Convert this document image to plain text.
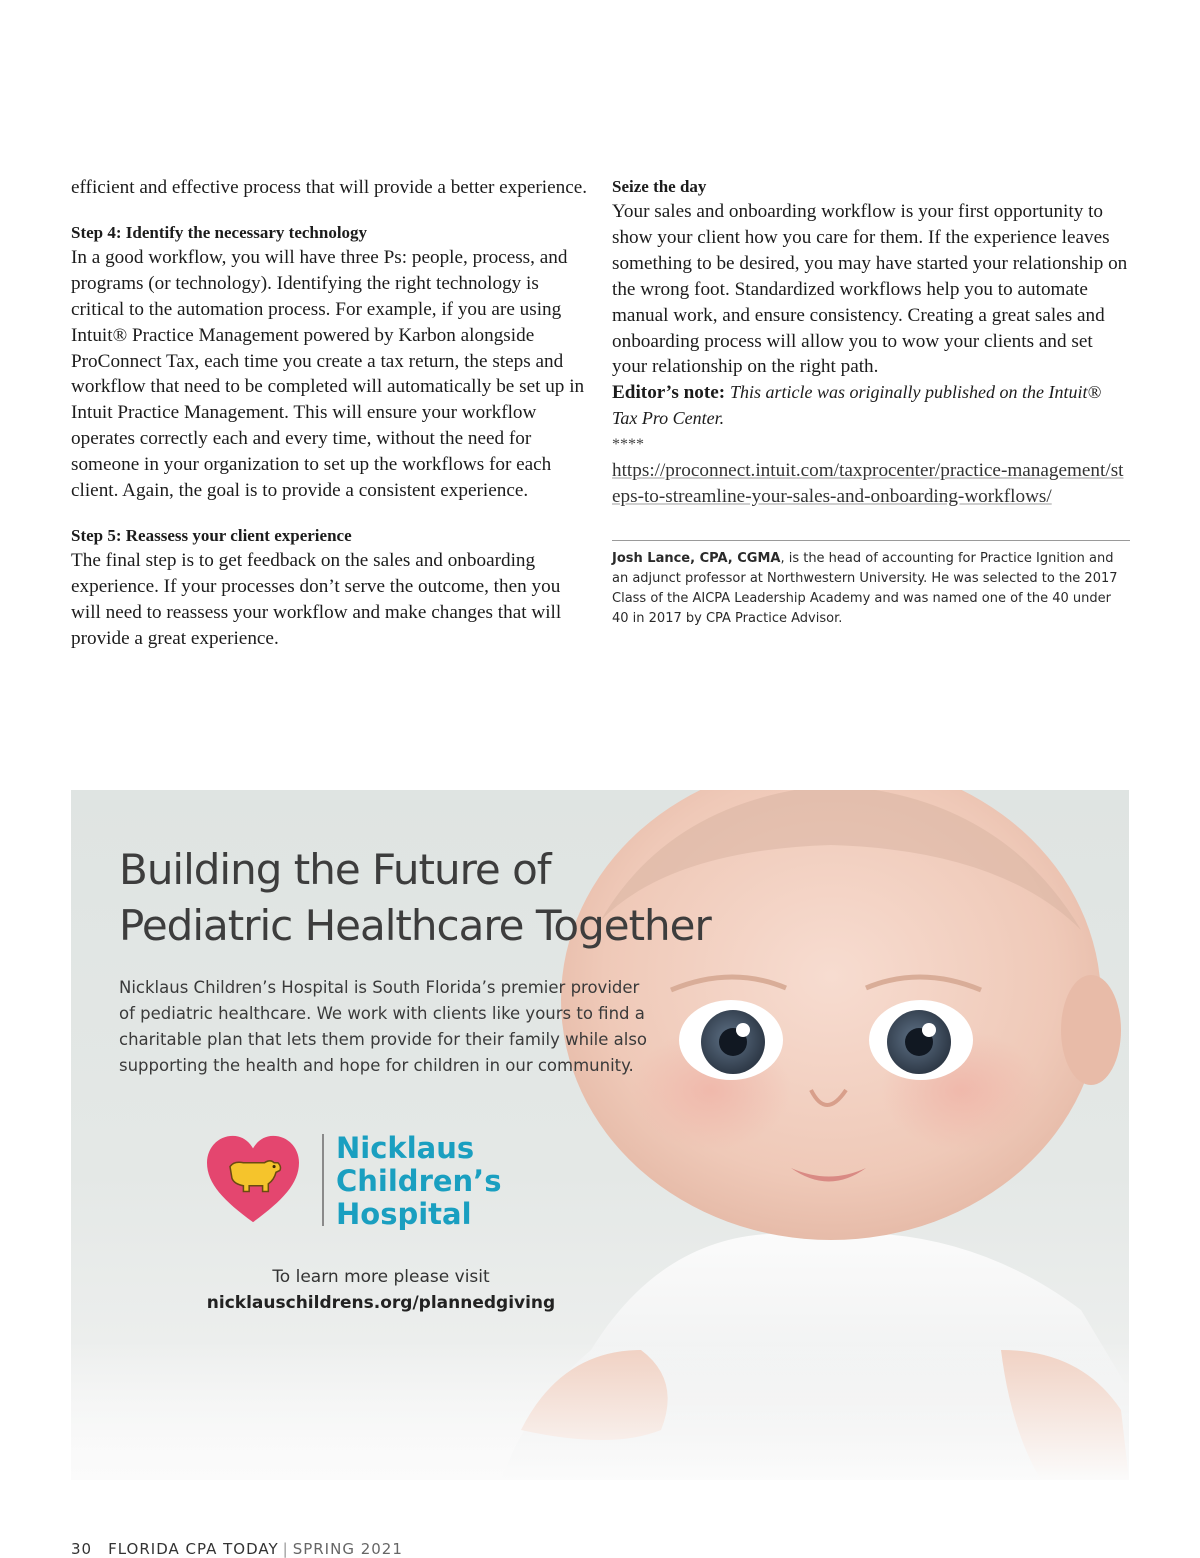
efficient and effective process that will provide a better experience.

Step 4: Identify the necessary technology
In a good workflow, you will have three Ps: people, process, and programs (or technology). Identifying the right technology is critical to the automation process. For example, if you are using Intuit® Practice Management powered by Karbon alongside ProConnect Tax, each time you create a tax return, the steps and workflow that need to be completed will automatically be set up in Intuit Practice Management. This will ensure your workflow operates correctly each and every time, without the need for someone in your organization to set up the workflows for each client. Again, the goal is to provide a consistent experience.

Step 5: Reassess your client experience
The final step is to get feedback on the sales and onboarding experience. If your processes don’t serve the outcome, then you will need to reassess your workflow and make changes that will provide a great experience.

Seize the day
Your sales and onboarding workflow is your first opportunity to show your client how you care for them. If the experience leaves something to be desired, you may have started your relationship on the wrong foot. Standardized workflows help you to automate manual work, and ensure consistency. Creating a great sales and onboarding process will allow you to wow your clients and set your relationship on the right path.

Editor’s note: This article was originally published on the Intuit® Tax Pro Center.

****

https://proconnect.intuit.com/taxprocenter/practice-management/steps-to-streamline-your-sales-and-onboarding-workflows/

Josh Lance, CPA, CGMA, is the head of accounting for Practice Ignition and an adjunct professor at Northwestern University. He was selected to the 2017 Class of the AICPA Leadership Academy and was named one of the 40 under 40 in 2017 by CPA Practice Advisor.

Building the Future of
Pediatric Healthcare Together
Nicklaus Children’s Hospital is South Florida’s premier provider of pediatric healthcare. We work with clients like yours to find a charitable plan that lets them provide for their family while also supporting the health and hope for children in our community.
Nicklaus
Children’s
Hospital
To learn more please visit
nicklauschildrens.org/plannedgiving
30 FLORIDA CPA TODAY | SPRING 2021
